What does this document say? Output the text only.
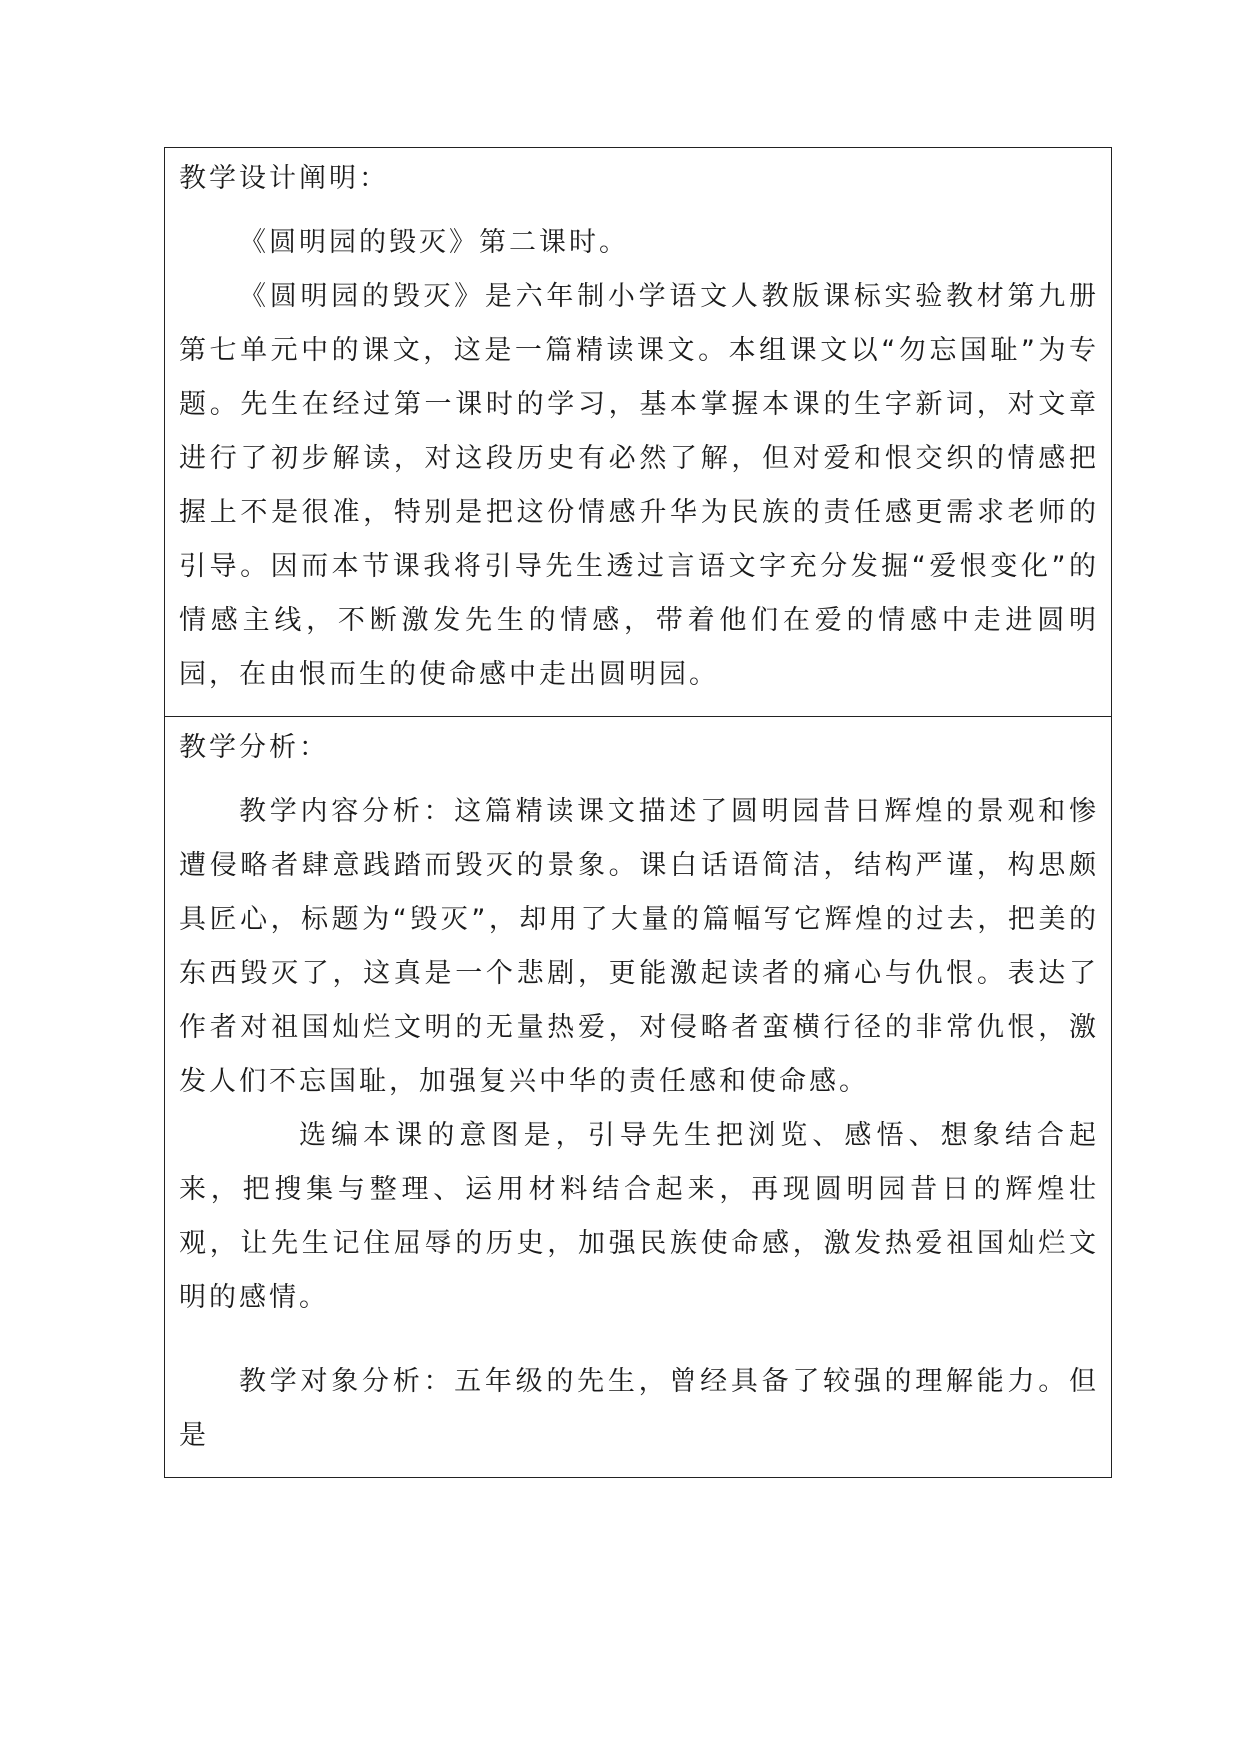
教学设计阐明：

《圆明园的毁灭》第二课时。

《圆明园的毁灭》是六年制小学语文人教版课标实验教材第九册第七单元中的课文，这是一篇精读课文。本组课文以“勿忘国耻”为专题。先生在经过第一课时的学习，基本掌握本课的生字新词，对文章进行了初步解读，对这段历史有必然了解，但对爱和恨交织的情感把握上不是很准，特别是把这份情感升华为民族的责任感更需求老师的引导。因而本节课我将引导先生透过言语文字充分发掘“爱恨变化”的情感主线，不断激发先生的情感，带着他们在爱的情感中走进圆明园，在由恨而生的使命感中走出圆明园。

教学分析：

教学内容分析：这篇精读课文描述了圆明园昔日辉煌的景观和惨遭侵略者肆意践踏而毁灭的景象。课白话语简洁，结构严谨，构思颇具匠心，标题为“毁灭”，却用了大量的篇幅写它辉煌的过去，把美的东西毁灭了，这真是一个悲剧，更能激起读者的痛心与仇恨。表达了作者对祖国灿烂文明的无量热爱，对侵略者蛮横行径的非常仇恨，激发人们不忘国耻，加强复兴中华的责任感和使命感。

选编本课的意图是，引导先生把浏览、感悟、想象结合起来，把搜集与整理、运用材料结合起来，再现圆明园昔日的辉煌壮观，让先生记住屈辱的历史，加强民族使命感，激发热爱祖国灿烂文明的感情。

教学对象分析：五年级的先生，曾经具备了较强的理解能力。但是
